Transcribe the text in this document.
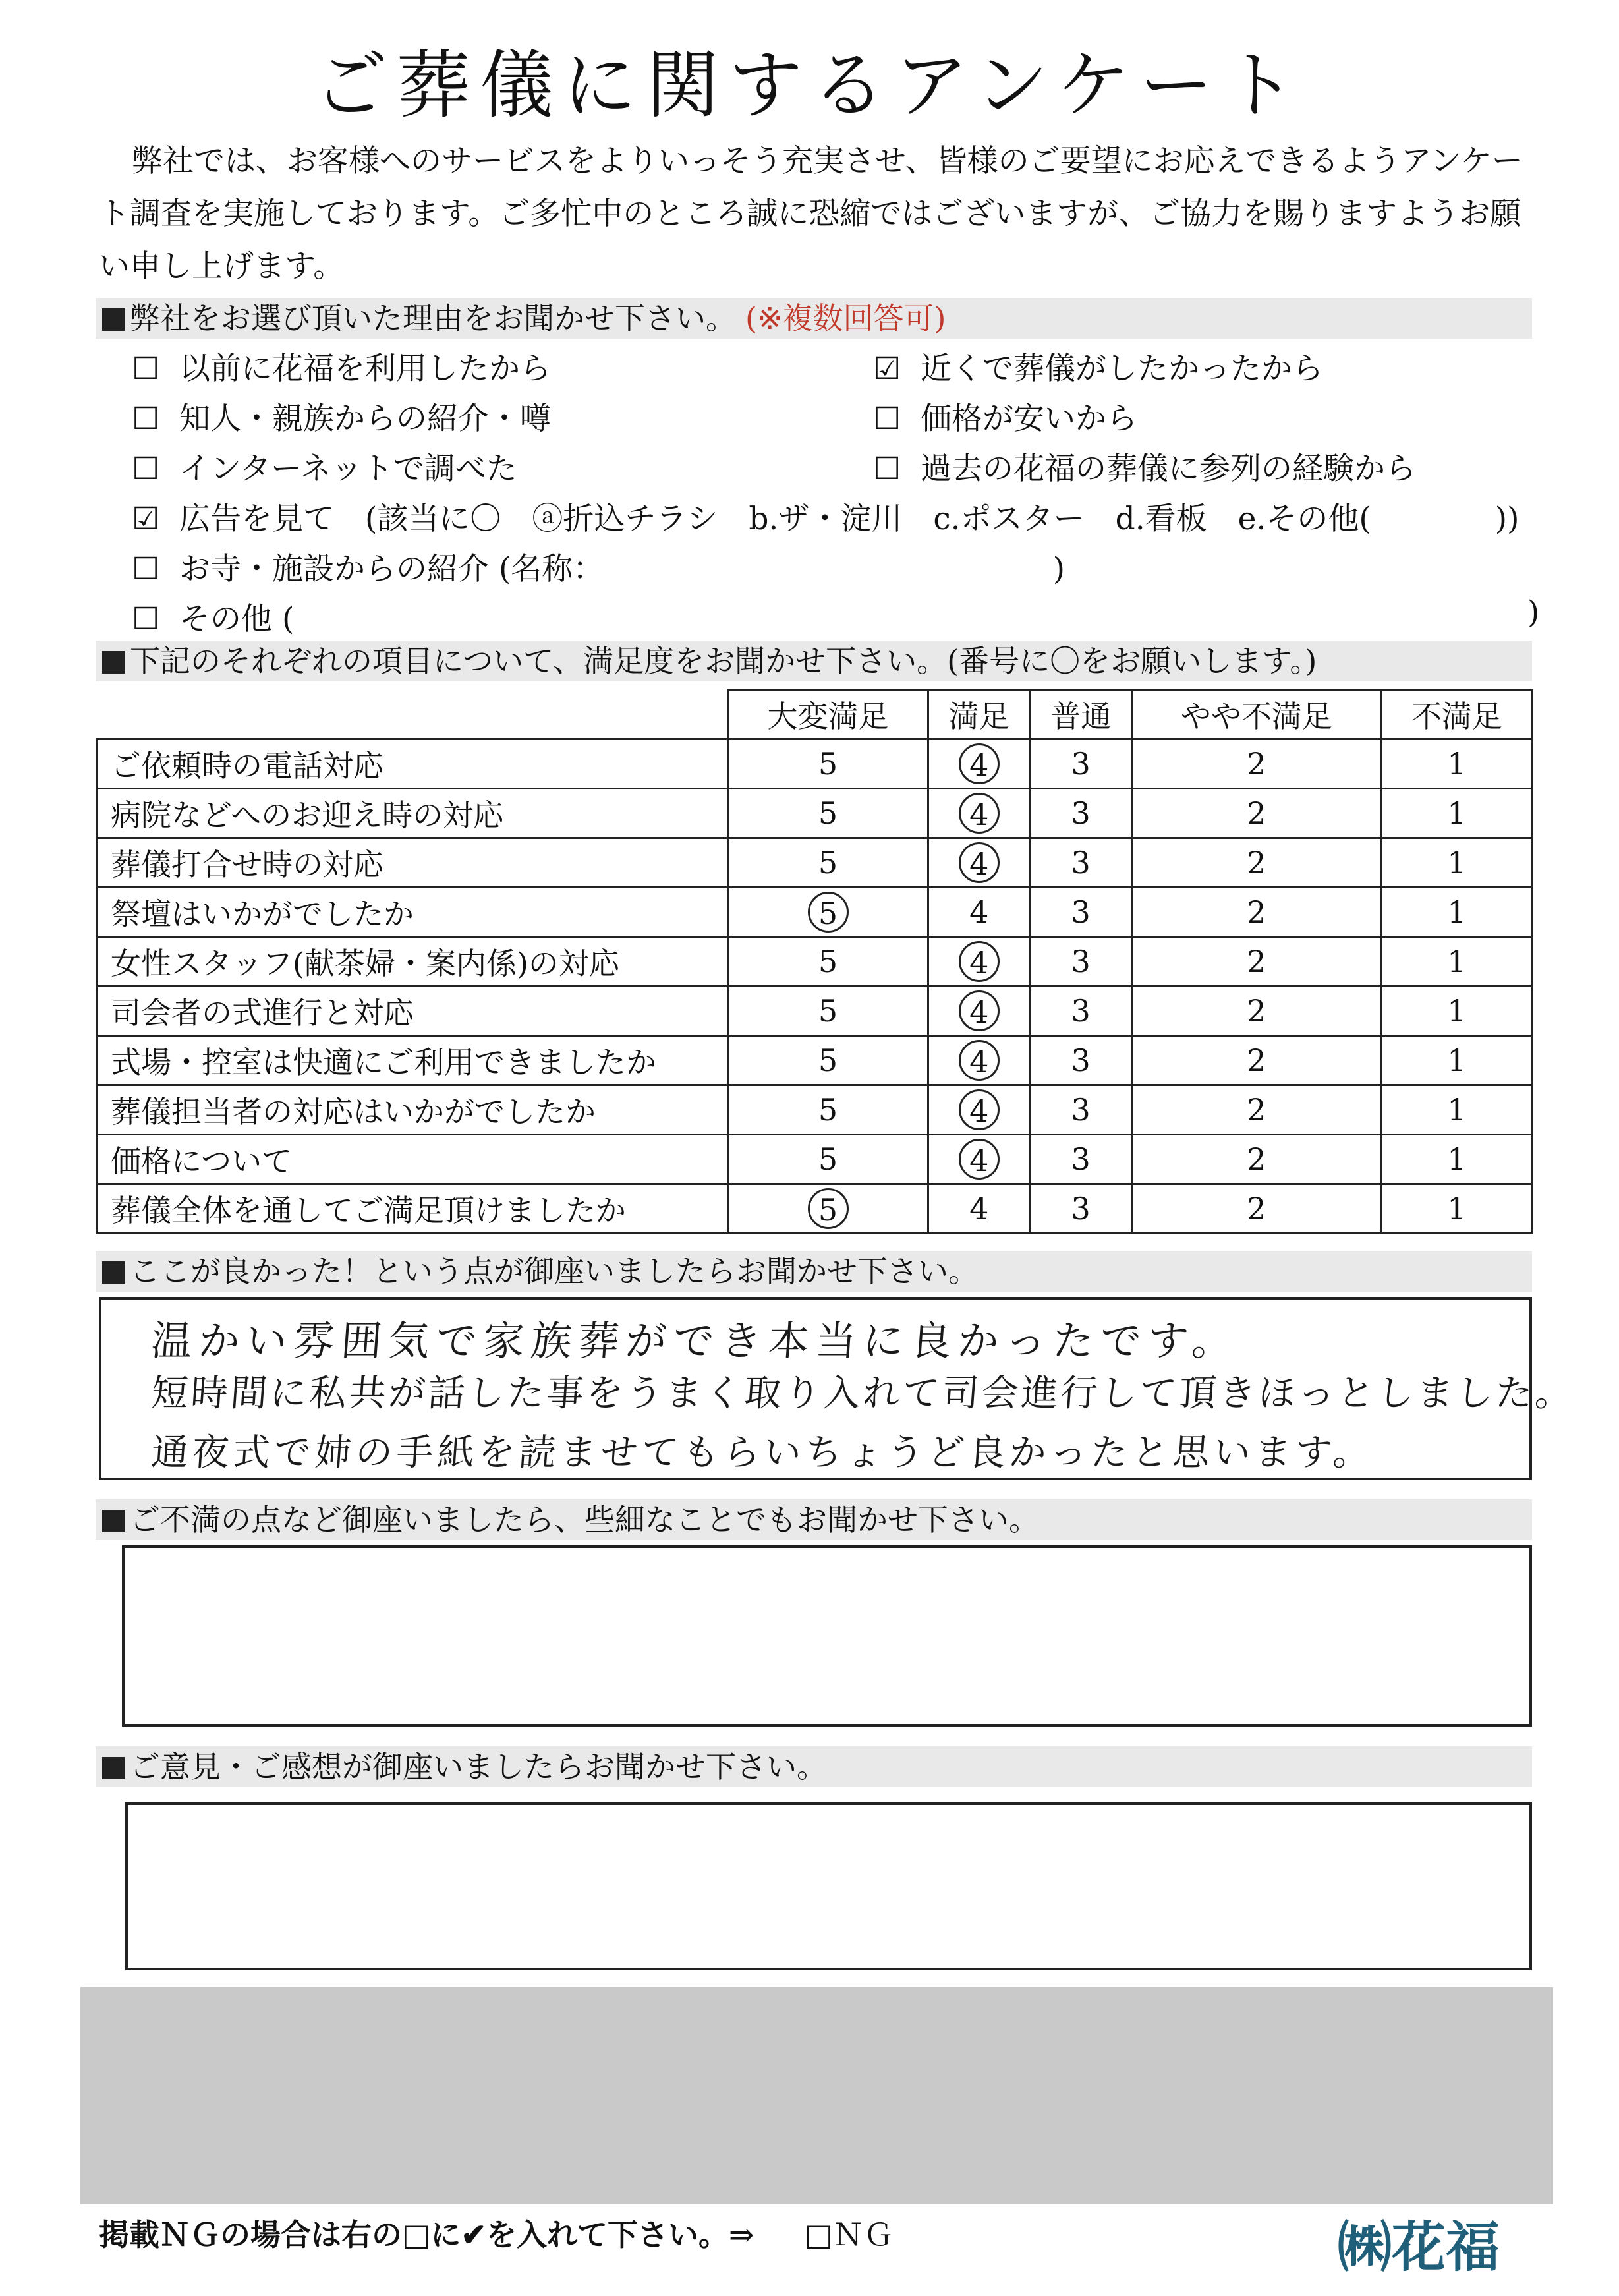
ご葬儀に関するアンケート
弊社では、お客様へのサービスをよりいっそう充実させ、皆様のご要望にお応えできるようアンケート調査を実施しております。ご多忙中のところ誠に恐縮ではございますが、ご協力を賜りますようお願い申し上げます。
弊社をお選び頂いた理由をお聞かせ下さい。 (※複数回答可)
☐ 以前に花福を利用したから	☑ 近くで葬儀がしたかったから
☐ 知人・親族からの紹介・噂	☐ 価格が安いから
☐ インターネットで調べた	☐ 過去の花福の葬儀に参列の経験から
☑ 広告を見て　(該当に〇　ⓐ折込チラシ　b.ザ・淀川　c.ポスター　d.看板　e.その他(　　　　))
☐ お寺・施設からの紹介 (名称：　　　　　　　　　　　　　　　)
☐ その他 (	)
下記のそれぞれの項目について、満足度をお聞かせ下さい。(番号に〇をお願いします。)
	大変満足	満足	普通	やや不満足	不満足
ご依頼時の電話対応	5	4	3	2	1
病院などへのお迎え時の対応	5	4	3	2	1
葬儀打合せ時の対応	5	4	3	2	1
祭壇はいかがでしたか	5	4	3	2	1
女性スタッフ(献茶婦・案内係)の対応	5	4	3	2	1
司会者の式進行と対応	5	4	3	2	1
式場・控室は快適にご利用できましたか	5	4	3	2	1
葬儀担当者の対応はいかがでしたか	5	4	3	2	1
価格について	5	4	3	2	1
葬儀全体を通してご満足頂けましたか	5	4	3	2	1
ここが良かった！という点が御座いましたらお聞かせ下さい。
温かい雰囲気で家族葬ができ本当に良かったです。
短時間に私共が話した事をうまく取り入れて司会進行して頂きほっとしました。
通夜式で姉の手紙を読ませてもらいちょうど良かったと思います。
ご不満の点など御座いましたら、些細なことでもお聞かせ下さい。
ご意見・ご感想が御座いましたらお聞かせ下さい。
掲載ＮＧの場合は右の□に✔を入れて下さい。⇒ □ＮＧ	㈱花福
